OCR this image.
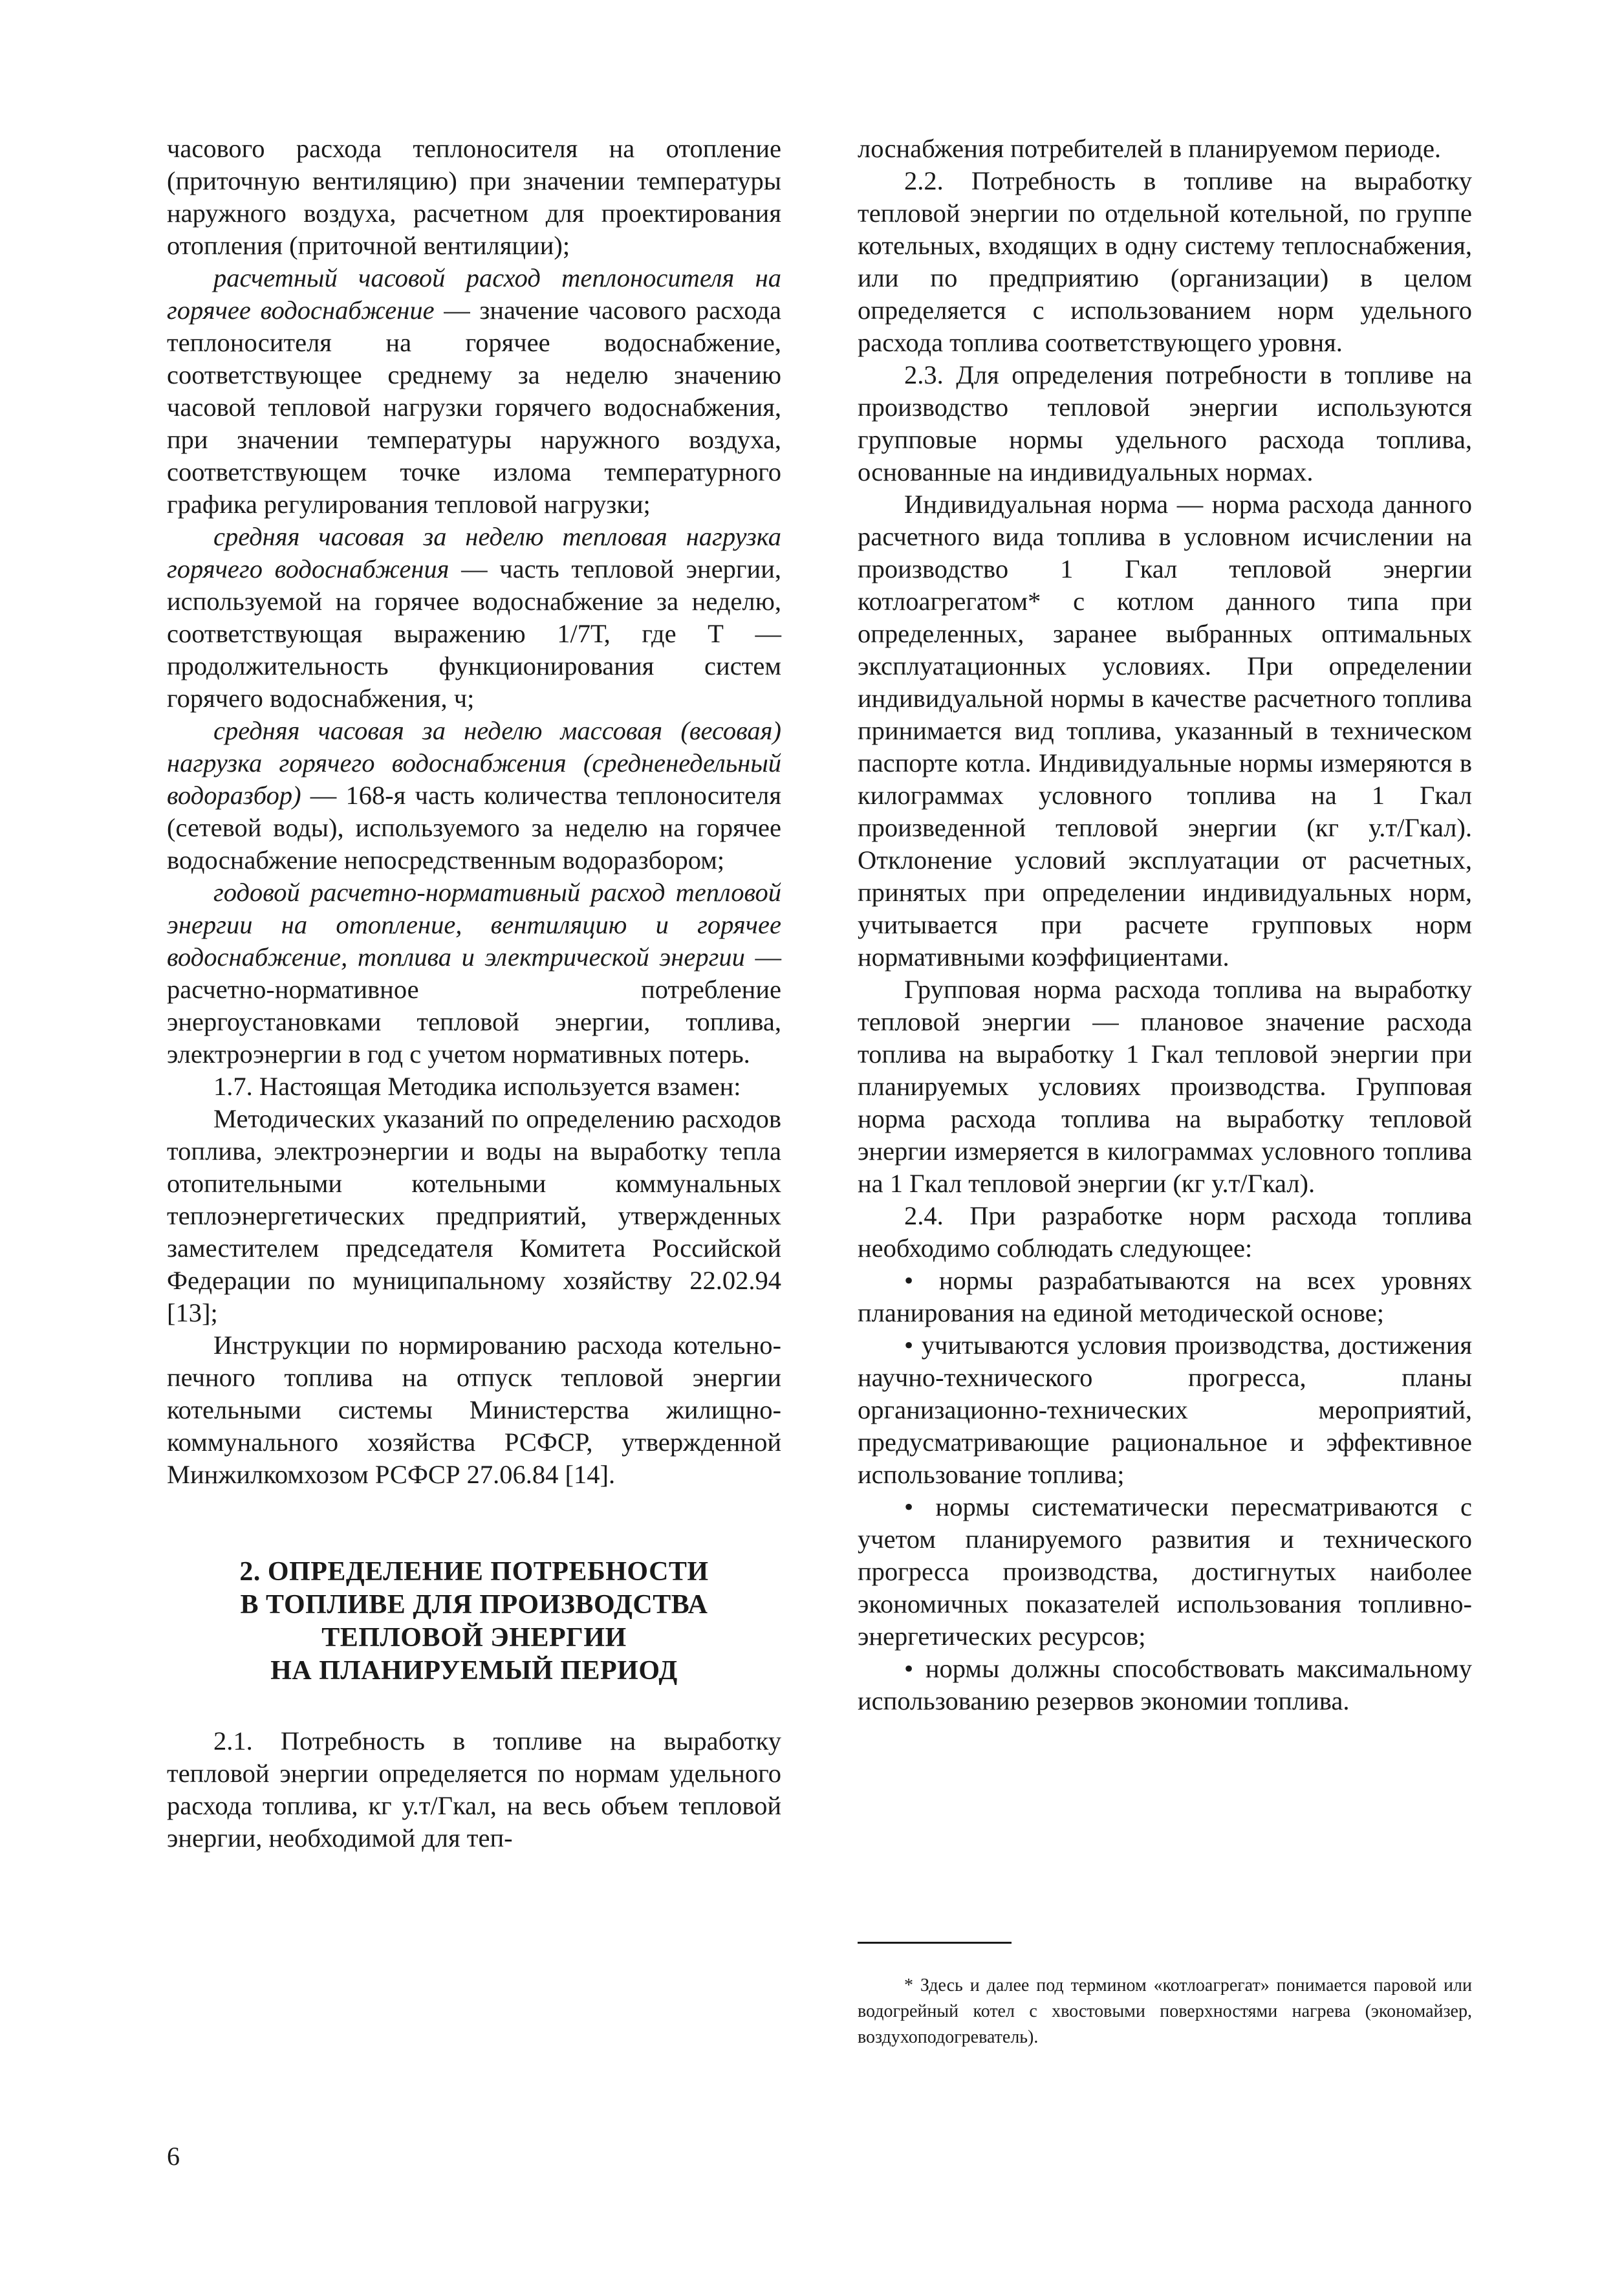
часового расхода теплоносителя на отопление (приточную вентиляцию) при значении температуры наружного воздуха, расчетном для проектирования отопления (приточной вентиляции);

расчетный часовой расход теплоносителя на горячее водоснабжение — значение часового расхода теплоносителя на горячее водоснабжение, соответствующее среднему за неделю значению часовой тепловой нагрузки горячего водоснабжения, при значении температуры наружного воздуха, соответствующем точке излома температурного графика регулирования тепловой нагрузки;

средняя часовая за неделю тепловая нагрузка горячего водоснабжения — часть тепловой энергии, используемой на горячее водоснабжение за неделю, соответствующая выражению 1/7Т, где Т — продолжительность функционирования систем горячего водоснабжения, ч;

средняя часовая за неделю массовая (весовая) нагрузка горячего водоснабжения (средненедельный водоразбор) — 168-я часть количества теплоносителя (сетевой воды), используемого за неделю на горячее водоснабжение непосредственным водоразбором;

годовой расчетно-нормативный расход тепловой энергии на отопление, вентиляцию и горячее водоснабжение, топлива и электрической энергии — расчетно-нормативное потребление энергоустановками тепловой энергии, топлива, электроэнергии в год с учетом нормативных потерь.

1.7. Настоящая Методика используется взамен:

Методических указаний по определению расходов топлива, электроэнергии и воды на выработку тепла отопительными котельными коммунальных теплоэнергетических предприятий, утвержденных заместителем председателя Комитета Российской Федерации по муниципальному хозяйству 22.02.94 [13];

Инструкции по нормированию расхода котельно-печного топлива на отпуск тепловой энергии котельными системы Министерства жилищно-коммунального хозяйства РСФСР, утвержденной Минжилкомхозом РСФСР 27.06.84 [14].

2. ОПРЕДЕЛЕНИЕ ПОТРЕБНОСТИ
В ТОПЛИВЕ ДЛЯ ПРОИЗВОДСТВА
ТЕПЛОВОЙ ЭНЕРГИИ
НА ПЛАНИРУЕМЫЙ ПЕРИОД

2.1. Потребность в топливе на выработку тепловой энергии определяется по нормам удельного расхода топлива, кг у.т/Гкал, на весь объем тепловой энергии, необходимой для теп-

лоснабжения потребителей в планируемом периоде.

2.2. Потребность в топливе на выработку тепловой энергии по отдельной котельной, по группе котельных, входящих в одну систему теплоснабжения, или по предприятию (организации) в целом определяется с использованием норм удельного расхода топлива соответствующего уровня.

2.3. Для определения потребности в топливе на производство тепловой энергии используются групповые нормы удельного расхода топлива, основанные на индивидуальных нормах.

Индивидуальная норма — норма расхода данного расчетного вида топлива в условном исчислении на производство 1 Гкал тепловой энергии котлоагрегатом* с котлом данного типа при определенных, заранее выбранных оптимальных эксплуатационных условиях. При определении индивидуальной нормы в качестве расчетного топлива принимается вид топлива, указанный в техническом паспорте котла. Индивидуальные нормы измеряются в килограммах условного топлива на 1 Гкал произведенной тепловой энергии (кг у.т/Гкал). Отклонение условий эксплуатации от расчетных, принятых при определении индивидуальных норм, учитывается при расчете групповых норм нормативными коэффициентами.

Групповая норма расхода топлива на выработку тепловой энергии — плановое значение расхода топлива на выработку 1 Гкал тепловой энергии при планируемых условиях производства. Групповая норма расхода топлива на выработку тепловой энергии измеряется в килограммах условного топлива на 1 Гкал тепловой энергии (кг у.т/Гкал).

2.4. При разработке норм расхода топлива необходимо соблюдать следующее:

• нормы разрабатываются на всех уровнях планирования на единой методической основе;

• учитываются условия производства, достижения научно-технического прогресса, планы организационно-технических мероприятий, предусматривающие рациональное и эффективное использование топлива;

• нормы систематически пересматриваются с учетом планируемого развития и технического прогресса производства, достигнутых наиболее экономичных показателей использования топливно-энергетических ресурсов;

• нормы должны способствовать максимальному использованию резервов экономии топлива.

* Здесь и далее под термином «котлоагрегат» понимается паровой или водогрейный котел с хвостовыми поверхностями нагрева (экономайзер, воздухоподогреватель).
6
